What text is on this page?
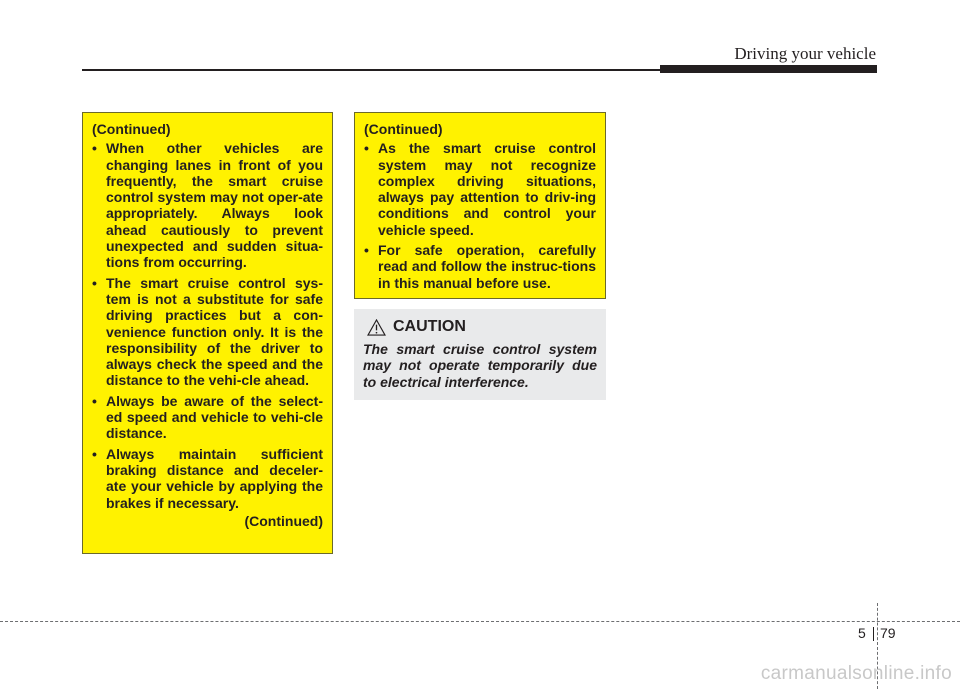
Driving your vehicle
(Continued)
• When other vehicles are changing lanes in front of you frequently, the smart cruise control system may not oper-ate appropriately. Always look ahead cautiously to prevent unexpected and sudden situa-tions from occurring.
• The smart cruise control sys-tem is not a substitute for safe driving practices but a con-venience function only. It is the responsibility of the driver to always check the speed and the distance to the vehi-cle ahead.
• Always be aware of the select-ed speed and vehicle to vehi-cle distance.
• Always maintain sufficient braking distance and deceler-ate your vehicle by applying the brakes if necessary.
(Continued)
(Continued)
• As the smart cruise control system may not recognize complex driving situations, always pay attention to driv-ing conditions and control your vehicle speed.
• For safe operation, carefully read and follow the instruc-tions in this manual before use.
CAUTION
The smart cruise control system may not operate temporarily due to electrical interference.
5 79
carmanualsonline.info
